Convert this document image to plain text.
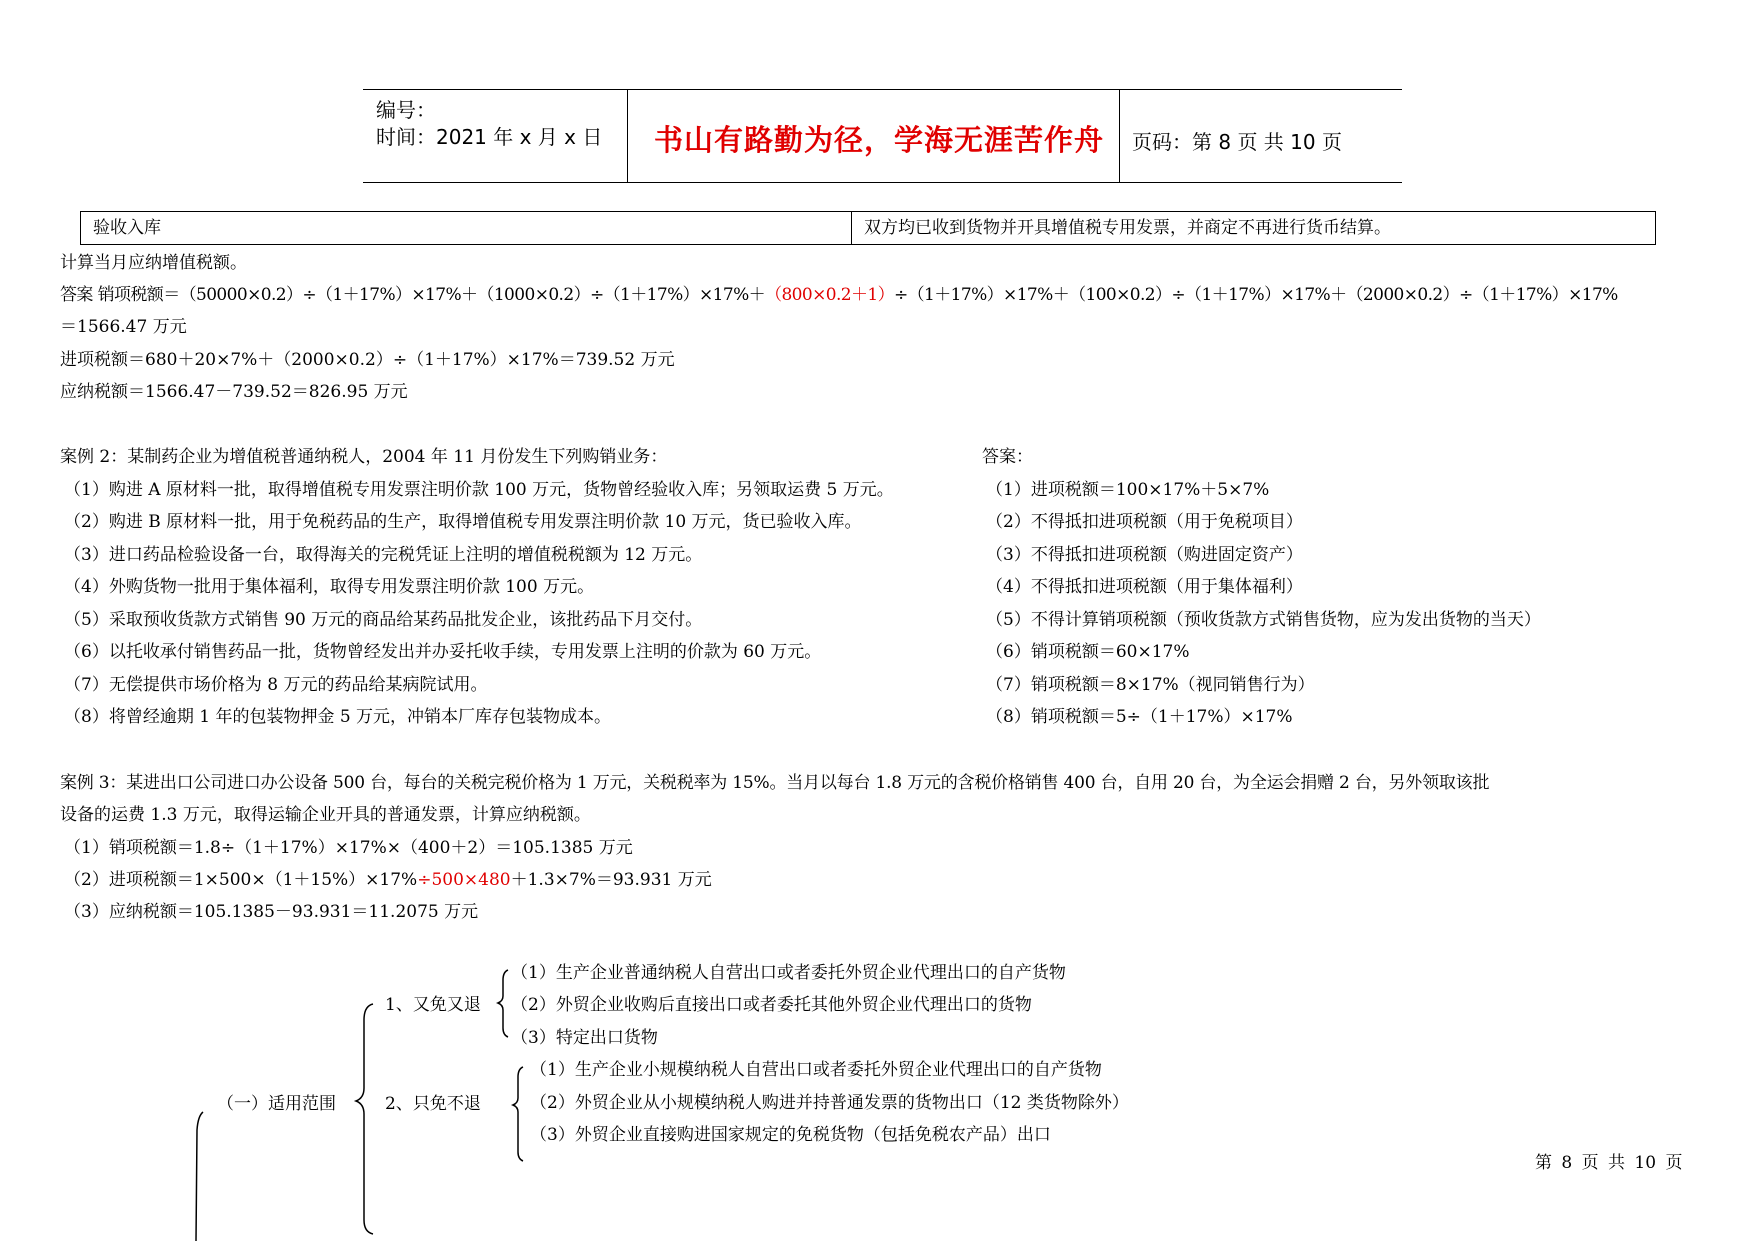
编号：
时间：2021 年 x 月 x 日 书山有路勤为径，学海无涯苦作舟 页码：第 8 页 共 10 页
验收入库	双方均已收到货物并开具增值税专用发票，并商定不再进行货币结算。
计算当月应纳增值税额。
答案 销项税额＝（50000×0.2）÷（1＋17%）×17%＋（1000×0.2）÷（1＋17%）×17%＋（800×0.2＋1）÷（1＋17%）×17%＋（100×0.2）÷（1＋17%）×17%＋（2000×0.2）÷（1＋17%）×17%
＝1566.47 万元
进项税额＝680＋20×7%＋（2000×0.2）÷（1＋17%）×17%＝739.52 万元
应纳税额＝1566.47－739.52＝826.95 万元
案例 2：某制药企业为增值税普通纳税人，2004 年 11 月份发生下列购销业务：
（1）购进 A 原材料一批，取得增值税专用发票注明价款 100 万元，货物曾经验收入库；另领取运费 5 万元。
（2）购进 B 原材料一批，用于免税药品的生产，取得增值税专用发票注明价款 10 万元，货已验收入库。
（3）进口药品检验设备一台，取得海关的完税凭证上注明的增值税税额为 12 万元。
（4）外购货物一批用于集体福利，取得专用发票注明价款 100 万元。
（5）采取预收货款方式销售 90 万元的商品给某药品批发企业，该批药品下月交付。
（6）以托收承付销售药品一批，货物曾经发出并办妥托收手续，专用发票上注明的价款为 60 万元。
（7）无偿提供市场价格为 8 万元的药品给某病院试用。
（8）将曾经逾期 1 年的包装物押金 5 万元，冲销本厂库存包装物成本。
答案：
（1）进项税额＝100×17%＋5×7%
（2）不得抵扣进项税额（用于免税项目）
（3）不得抵扣进项税额（购进固定资产）
（4）不得抵扣进项税额（用于集体福利）
（5）不得计算销项税额（预收货款方式销售货物，应为发出货物的当天）
（6）销项税额＝60×17%
（7）销项税额＝8×17%（视同销售行为）
（8）销项税额＝5÷（1＋17%）×17%
案例 3：某进出口公司进口办公设备 500 台，每台的关税完税价格为 1 万元，关税税率为 15%。当月以每台 1.8 万元的含税价格销售 400 台，自用 20 台，为全运会捐赠 2 台，另外领取该批
设备的运费 1.3 万元，取得运输企业开具的普通发票，计算应纳税额。
（1）销项税额＝1.8÷（1＋17%）×17%×（400＋2）＝105.1385 万元
（2）进项税额＝1×500×（1＋15%）×17%÷500×480＋1.3×7%＝93.931 万元
（3）应纳税额＝105.1385－93.931＝11.2075 万元
（一）适用范围
1、又免又退
（1）生产企业普通纳税人自营出口或者委托外贸企业代理出口的自产货物
（2）外贸企业收购后直接出口或者委托其他外贸企业代理出口的货物
（3）特定出口货物
2、只免不退
（1）生产企业小规模纳税人自营出口或者委托外贸企业代理出口的自产货物
（2）外贸企业从小规模纳税人购进并持普通发票的货物出口（12 类货物除外）
（3）外贸企业直接购进国家规定的免税货物（包括免税农产品）出口
第 8 页 共 10 页
